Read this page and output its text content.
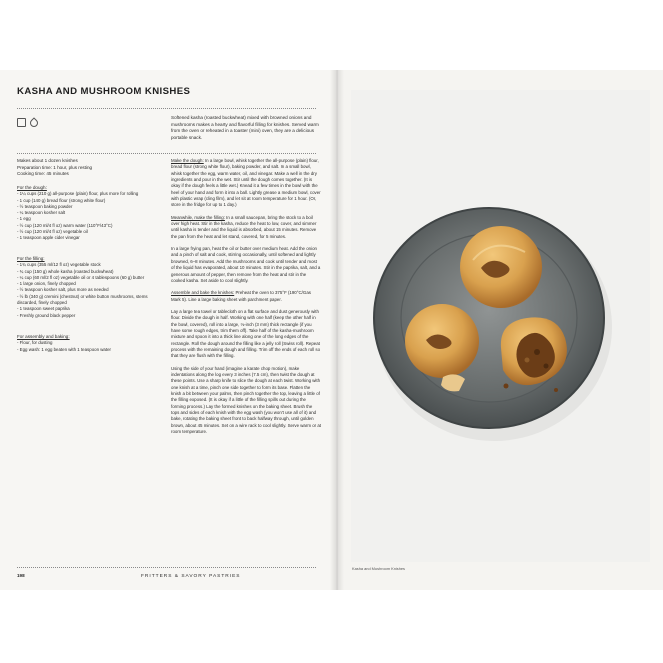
KASHA AND MUSHROOM KNISHES

Softened kasha (roasted buckwheat) mixed with browned onions and mushrooms makes a hearty and flavorful filling for knishes. Served warm from the oven or reheated in a toaster (mini) oven, they are a delicious portable snack.

Makes about 1 dozen knishes

Preparation time: 1 hour, plus resting

Cooking time: 45 minutes

For the dough:
- 1¼ cups (210 g) all-purpose (plain) flour, plus more for rolling
- 1 cup (140 g) bread flour (strong white flour)
- ½ teaspoon baking powder
- ¼ teaspoon kosher salt
- 1 egg
- ½ cup (120 ml/4 fl oz) warm water (110°F/43°C)
- ½ cup (120 ml/4 fl oz) vegetable oil
- 1 teaspoon apple cider vinegar
For the filling:
- 1¾ cups (355 ml/12 fl oz) vegetable stock
- ¾ cup (150 g) whole kasha (roasted buckwheat)
- ¼ cup (60 ml/2 fl oz) vegetable oil or 4 tablespoons (60 g) butter
- 1 large onion, finely chopped
- ½ teaspoon kosher salt, plus more as needed
- ½ lb (340 g) cremini (chestnut) or white button mushrooms, stems discarded, finely chopped
- 1 teaspoon sweet paprika
- Freshly ground black pepper
For assembly and baking:
- Flour, for dusting
- Egg wash: 1 egg beaten with 1 teaspoon water

Make the dough: In a large bowl, whisk together the all-purpose (plain) flour, bread flour (strong white flour), baking powder, and salt. In a small bowl, whisk together the egg, warm water, oil, and vinegar. Make a well in the dry ingredients and pour in the wet. Stir until the dough comes together. (It is okay if the dough feels a little wet.) Knead it a few times in the bowl with the heel of your hand and form it into a ball. Lightly grease a medium bowl, cover with plastic wrap (cling film), and let sit at room temperature for 1 hour. (Or, store in the fridge for up to 1 day.)

Meanwhile, make the filling: In a small saucepan, bring the stock to a boil over high heat. Stir in the kasha, reduce the heat to low, cover, and simmer until kasha is tender and the liquid is absorbed, about 15 minutes. Remove the pan from the heat and let stand, covered, for 5 minutes.

In a large frying pan, heat the oil or butter over medium heat. Add the onion and a pinch of salt and cook, stirring occasionally, until softened and lightly browned, 6–8 minutes. Add the mushrooms and cook until tender and most of the liquid has evaporated, about 10 minutes. Stir in the paprika, salt, and a generous amount of pepper, then remove from the heat and stir in the cooked kasha. Set aside to cool slightly.

Assemble and bake the knishes: Preheat the oven to 375°F (190°C/Gas Mark 5). Line a large baking sheet with parchment paper.

Lay a large tea towel or tablecloth on a flat surface and dust generously with flour. Divide the dough in half. Working with one half (keep the other half in the bowl, covered), roll into a large, ⅛-inch (3 mm) thick rectangle (if you have some rough edges, trim them off). Take half of the kasha-mushroom mixture and spoon it into a thick line along one of the long edges of the rectangle. Roll the dough around the filling like a jelly roll (Swiss roll). Repeat process with the remaining dough and filling. Trim off the ends of each roll so that they are flush with the filling.

Using the side of your hand (imagine a karate chop motion), make indentations along the log every 3 inches (7.5 cm), then twist the dough at these points. Use a sharp knife to slice the dough at each twist. Working with one knish at a time, pinch one side together to form its base. Flatten the knish a bit between your palms, then pinch together the top, leaving a little of the filling exposed. (It is okay if a little of the filling spills out during the forming process.) Lay the formed knishes on the baking sheet. Brush the tops and sides of each knish with the egg wash (you won't use all of it) and bake, rotating the baking sheet front to back halfway through, until golden brown, about 45 minutes. Set on a wire rack to cool slightly. Serve warm or at room temperature.

198	FRITTERS & SAVORY PASTRIES
Kasha and Mushroom Knishes
